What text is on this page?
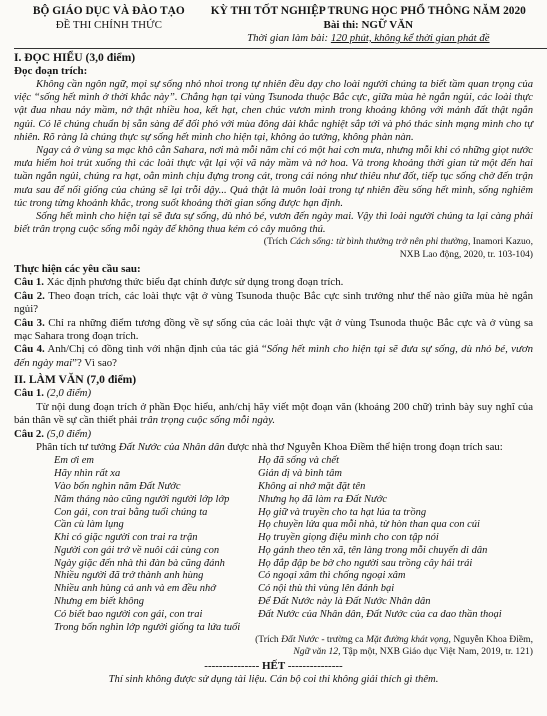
BỘ GIÁO DỤC VÀ ĐÀO TẠO
ĐỀ THI CHÍNH THỨC
KỲ THI TỐT NGHIỆP TRUNG HỌC PHỔ THÔNG NĂM 2020
Bài thi: NGỮ VĂN
Thời gian làm bài: 120 phút, không kể thời gian phát đề
I. ĐỌC HIỂU (3,0 điểm)
Đọc đoạn trích:

Không cần ngôn ngữ, mọi sự sống nhỏ nhoi trong tự nhiên đều dạy cho loài người chúng ta biết tầm quan trọng của việc “sống hết mình ở thời khắc này”. Chẳng hạn tại vùng Tsunoda thuộc Bắc cực, giữa mùa hè ngắn ngủi, các loài thực vật đua nhau nảy mầm, nở thật nhiều hoa, kết hạt, chen chúc vươn mình trong khoảng không với mảnh đất thật ngắn ngủi. Có lẽ chúng chuẩn bị sẵn sàng để đối phó với mùa đông dài khắc nghiệt sắp tới và phó thác sinh mạng mình cho tự nhiên. Rõ ràng là chúng thực sự sống hết mình cho hiện tại, không ảo tưởng, không phàn nàn.

Ngay cả ở vùng sa mạc khô cằn Sahara, nơi mà mỗi năm chỉ có một hai cơn mưa, nhưng mỗi khi có những giọt nước mưa hiếm hoi trút xuống thì các loài thực vật lại vội vã nảy mầm và nở hoa. Và trong khoảng thời gian từ một đến hai tuần ngắn ngủi, chúng ra hạt, oằn mình chịu đựng trong cát, trong cái nóng như thiêu như đốt, tiếp tục sống chờ đến trận mưa sau để nối giống của chúng sẽ lại trỗi dậy... Quả thật là muôn loài trong tự nhiên đều sống hết mình, sống nghiêm túc trong từng khoảnh khắc, trong suốt khoảng thời gian sống được hạn định.

Sống hết mình cho hiện tại sẽ đưa sự sống, dù nhỏ bé, vươn đến ngày mai. Vậy thì loài người chúng ta lại càng phải biết trân trọng cuộc sống mỗi ngày để không thua kém cỏ cây muông thú.

(Trích Cách sống: từ bình thường trở nên phi thường, Inamori Kazuo,
NXB Lao động, 2020, tr. 103-104)
Thực hiện các yêu cầu sau:

Câu 1. Xác định phương thức biểu đạt chính được sử dụng trong đoạn trích.

Câu 2. Theo đoạn trích, các loài thực vật ở vùng Tsunoda thuộc Bắc cực sinh trưởng như thế nào giữa mùa hè ngắn ngủi?

Câu 3. Chỉ ra những điểm tương đồng về sự sống của các loài thực vật ở vùng Tsunoda thuộc Bắc cực và ở vùng sa mạc Sahara trong đoạn trích.

Câu 4. Anh/Chị có đồng tình với nhận định của tác giả “Sống hết mình cho hiện tại sẽ đưa sự sống, dù nhỏ bé, vươn đến ngày mai”? Vì sao?

II. LÀM VĂN (7,0 điểm)
Câu 1. (2,0 điểm)

Từ nội dung đoạn trích ở phần Đọc hiểu, anh/chị hãy viết một đoạn văn (khoảng 200 chữ) trình bày suy nghĩ của bản thân về sự cần thiết phải trân trọng cuộc sống mỗi ngày.

Câu 2. (5,0 điểm)

Phân tích tư tưởng Đất Nước của Nhân dân được nhà thơ Nguyễn Khoa Điềm thể hiện trong đoạn trích sau:

Em ơi em
Hãy nhìn rất xa
Vào bốn nghìn năm Đất Nước
Năm tháng nào cũng người người lớp lớp
Con gái, con trai bằng tuổi chúng ta
Cần cù làm lụng
Khi có giặc người con trai ra trận
Người con gái trở về nuôi cái cùng con
Ngày giặc đến nhà thì đàn bà cũng đánh
Nhiều người đã trở thành anh hùng
Nhiều anh hùng cả anh và em đều nhớ
Nhưng em biết không
Có biết bao người con gái, con trai
Trong bốn nghìn lớp người giống ta lứa tuổi
Họ đã sống và chết
Giản dị và bình tâm
Không ai nhớ mặt đặt tên
Nhưng họ đã làm ra Đất Nước
Họ giữ và truyền cho ta hạt lúa ta trồng
Họ chuyền lửa qua mỗi nhà, từ hòn than qua con cúi
Họ truyền giọng điệu mình cho con tập nói
Họ gánh theo tên xã, tên làng trong mỗi chuyến di dân
Họ đắp đập be bờ cho người sau trồng cây hái trái
Có ngoại xâm thì chống ngoại xâm
Có nội thù thì vùng lên đánh bại
Để Đất Nước này là Đất Nước Nhân dân
Đất Nước của Nhân dân, Đất Nước của ca dao thần thoại
(Trích Đất Nước - trường ca Mặt đường khát vọng, Nguyễn Khoa Điềm,
Ngữ văn 12, Tập một, NXB Giáo dục Việt Nam, 2019, tr. 121)
--------------- HẾT ---------------
Thí sinh không được sử dụng tài liệu. Cán bộ coi thi không giải thích gì thêm.
